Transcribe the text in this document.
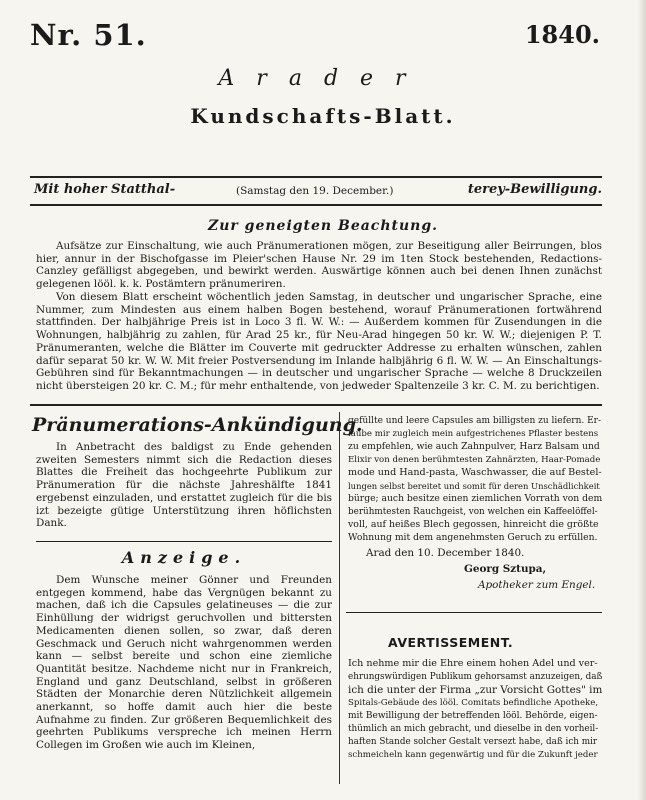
Nr. 51.	1840.
Arader
Kundschafts-Blatt.
Mit hoher Statthal-	(Samstag den 19. December.)	terey-Bewilligung.
Zur geneigten Beachtung.

Aufsätze zur Einschaltung, wie auch Pränumerationen mögen, zur Beseitigung aller Beirrungen, blos hier, annur in der Bischofgasse im Pleier'schen Hause Nr. 29 im 1ten Stock bestehenden, Redactions-Canzley gefälligst abgegeben, und bewirkt werden. Auswärtige können auch bei denen Ihnen zunächst gelegenen lööl. k. k. Postämtern pränumeriren.

Von diesem Blatt erscheint wöchentlich jeden Samstag, in deutscher und ungarischer Sprache, eine Nummer, zum Mindesten aus einem halben Bogen bestehend, worauf Pränumerationen fortwährend stattfinden. Der halbjährige Preis ist in Loco 3 fl. W. W.: — Außerdem kommen für Zusendungen in die Wohnungen, halbjährig zu zahlen, für Arad 25 kr., für Neu-Arad hingegen 50 kr. W. W.; diejenigen P. T. Pränumeranten, welche die Blätter im Couverte mit gedruckter Addresse zu erhalten wünschen, zahlen dafür separat 50 kr. W. W. Mit freier Postversendung im Inlande halbjährig 6 fl. W. W. — An Einschaltungs-Gebühren sind für Bekanntmachungen — in deutscher und ungarischer Sprache — welche 8 Druckzeilen nicht übersteigen 20 kr. C. M.; für mehr enthaltende, von jedweder Spaltenzeile 3 kr. C. M. zu berichtigen.

Pränumerations-Ankündigung.

In Anbetracht des baldigst zu Ende gehenden zweiten Semesters nimmt sich die Redaction dieses Blattes die Freiheit das hochgeehrte Publikum zur Pränumeration für die nächste Jahreshälfte 1841 ergebenst einzuladen, und erstattet zugleich für die bis izt bezeigte gütige Unterstützung ihren höflichsten Dank.

Anzeige.

Dem Wunsche meiner Gönner und Freunden entgegen kommend, habe das Vergnügen bekannt zu machen, daß ich die Capsules gelatineuses — die zur Einhüllung der widrigst geruchvollen und bittersten Medicamenten dienen sollen, so zwar, daß deren Geschmack und Geruch nicht wahrgenommen werden kann — selbst bereite und schon eine ziemliche Quantität besitze. Nachdeme nicht nur in Frankreich, England und ganz Deutschland, selbst in größeren Städten der Monarchie deren Nützlichkeit allgemein anerkannt, so hoffe damit auch hier die beste Aufnahme zu finden. Zur größeren Bequemlichkeit des geehrten Publikums verspreche ich meinen Herrn Collegen im Großen wie auch im Kleinen,

gefüllte und leere Capsules am billigsten zu liefern. Er-
laube mir zugleich mein aufgestrichenes Pflaster bestens
zu empfehlen, wie auch Zahnpulver, Harz Balsam und
Elixir von denen berühmtesten Zahnärzten, Haar-Pomade
mode und Hand-pasta, Waschwasser, die auf Bestel-
lungen selbst bereitet und somit für deren Unschädlichkeit
bürge; auch besitze einen ziemlichen Vorrath von dem
berühmtesten Rauchgeist, von welchen ein Kaffeelöffel-
voll, auf heißes Blech gegossen, hinreicht die größte
Wohnung mit dem angenehmsten Geruch zu erfüllen.
Arad den 10. December 1840.
Georg Sztupa,
Apotheker zum Engel.
AVERTISSEMENT.
Ich nehme mir die Ehre einem hohen Adel und ver-
ehrungswürdigen Publikum gehorsamst anzuzeigen, daß
ich die unter der Firma „zur Vorsicht Gottes" im
Spitals-Gebäude des lööl. Comitats befindliche Apotheke,
mit Bewilligung der betreffenden lööl. Behörde, eigen-
thümlich an mich gebracht, und dieselbe in den vorheil-
haften Stande solcher Gestalt versezt habe, daß ich mir
schmeicheln kann gegenwärtig und für die Zukunft jeder
